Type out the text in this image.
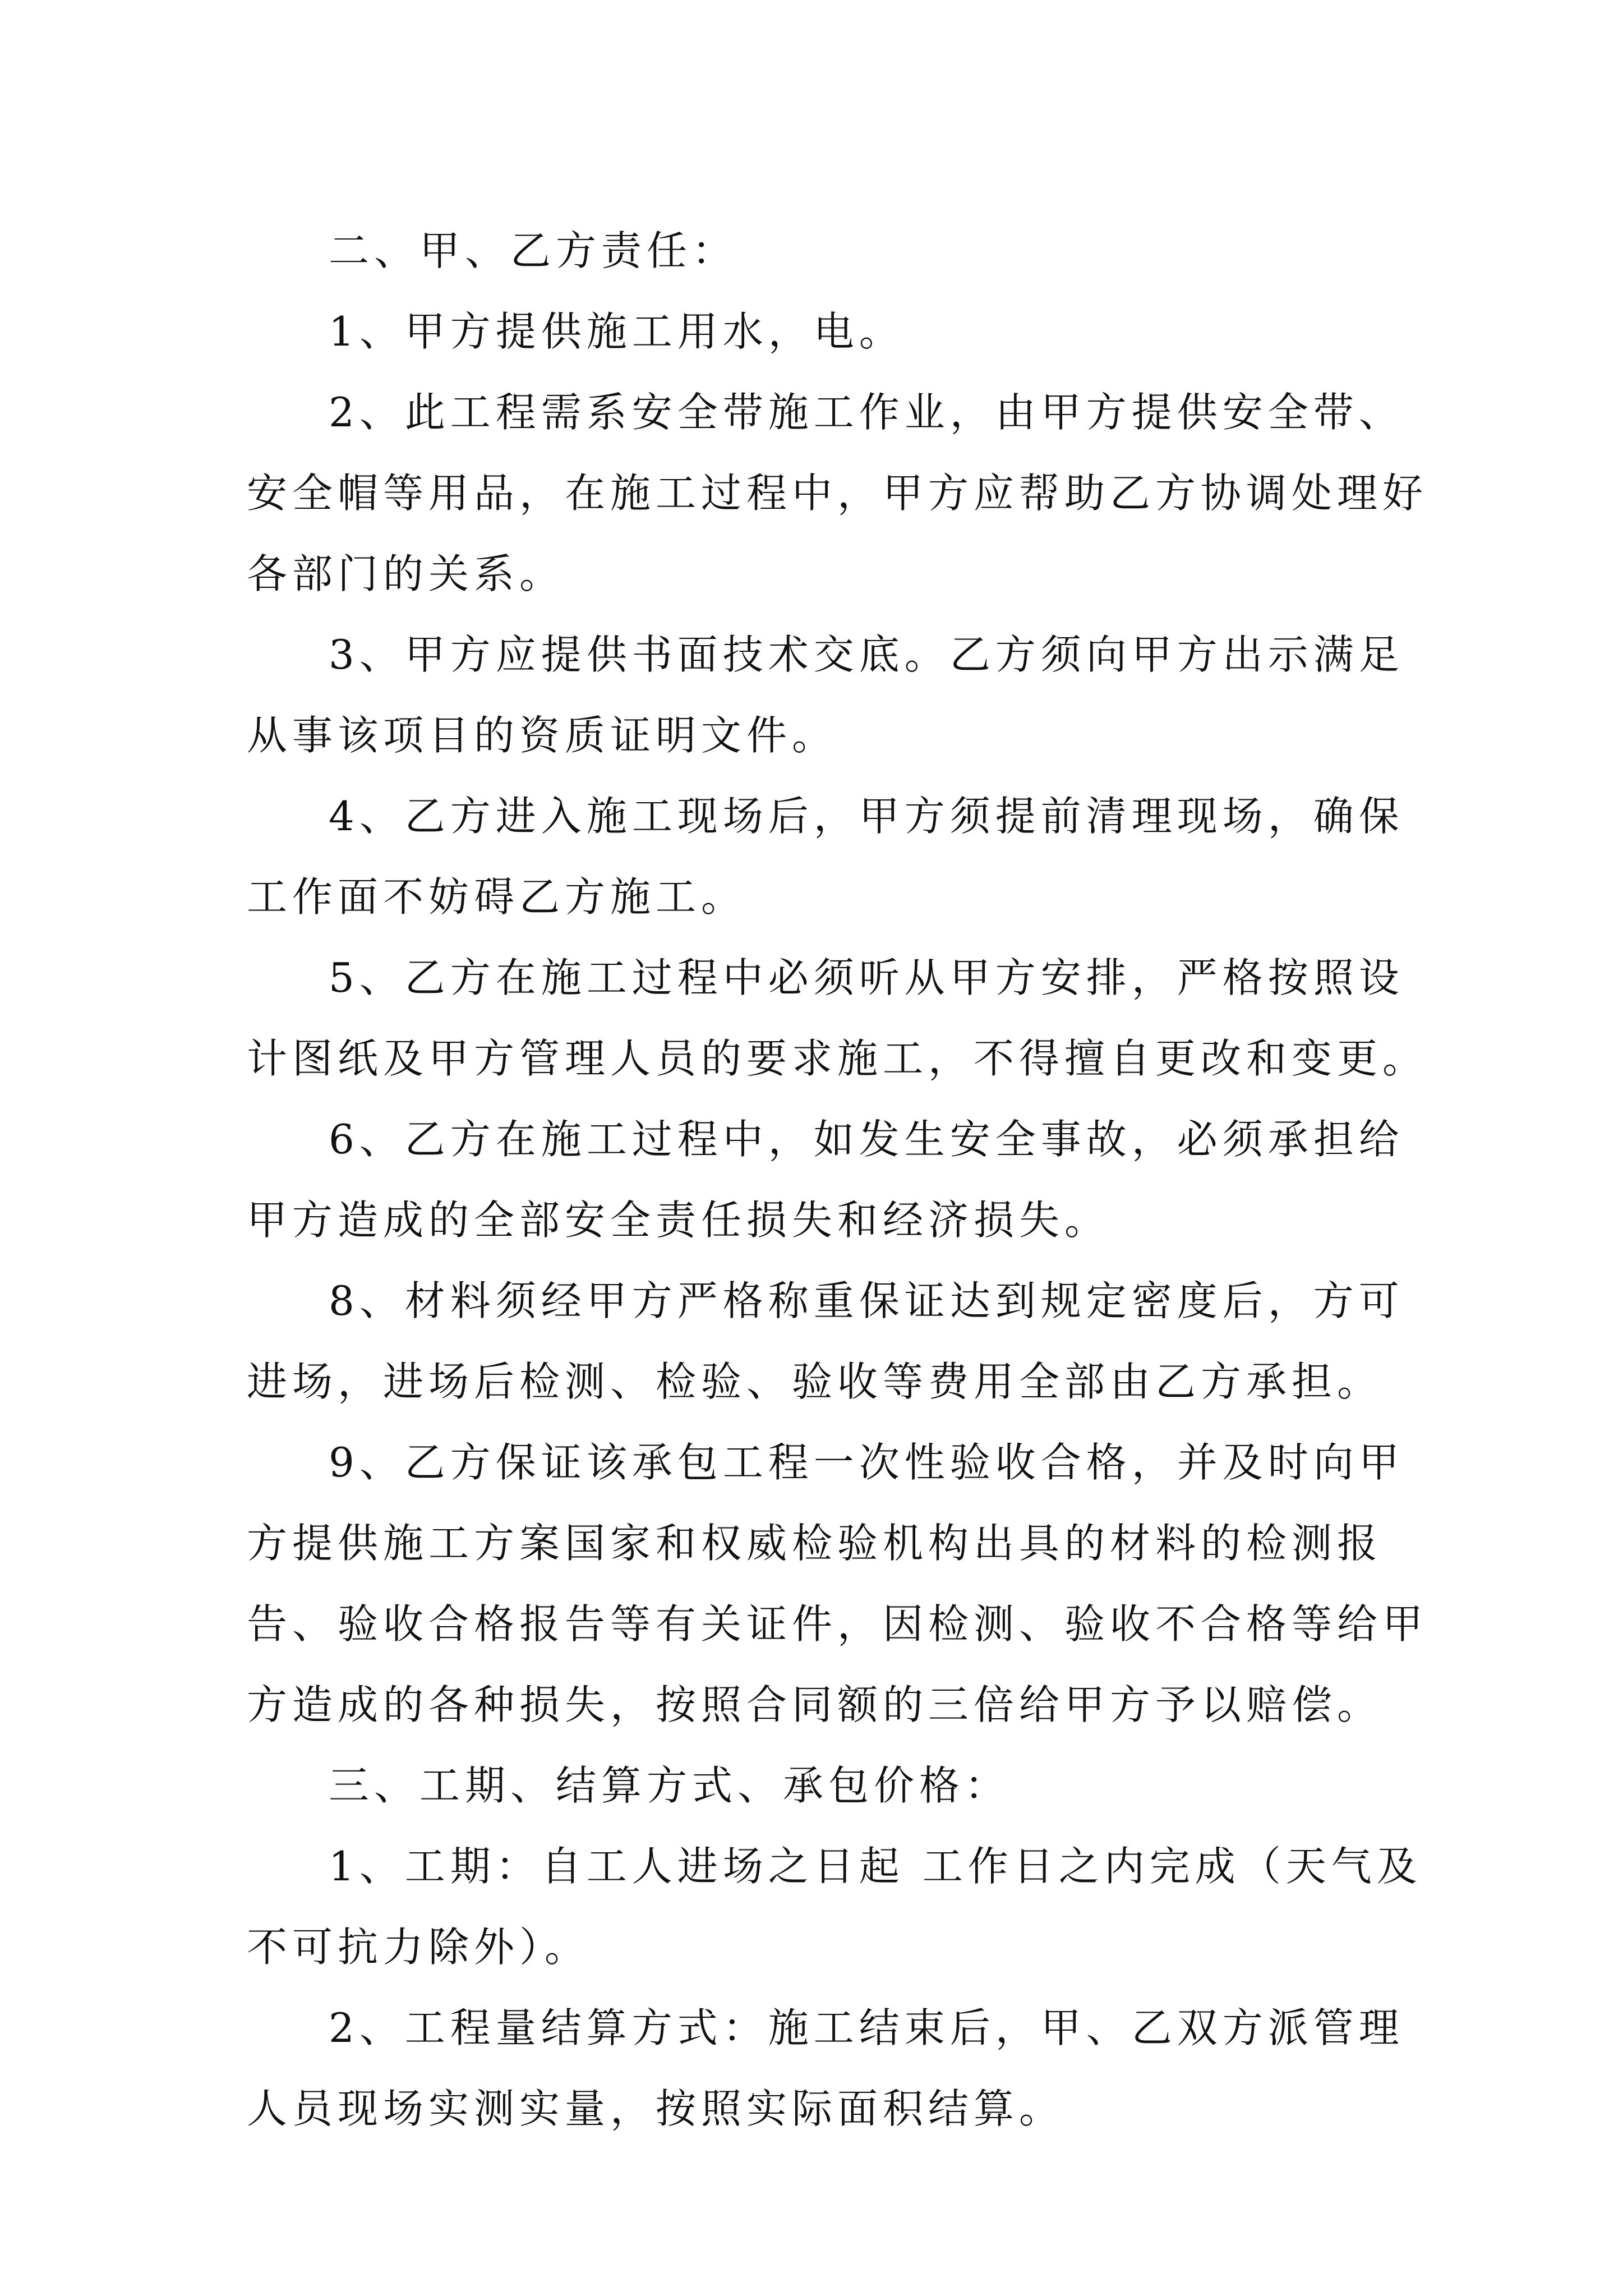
二、甲、乙方责任：

1、甲方提供施工用水，电。

2、此工程需系安全带施工作业，由甲方提供安全带、
安全帽等用品，在施工过程中，甲方应帮助乙方协调处理好
各部门的关系。

3、甲方应提供书面技术交底。乙方须向甲方出示满足
从事该项目的资质证明文件。

4、乙方进入施工现场后，甲方须提前清理现场，确保
工作面不妨碍乙方施工。

5、乙方在施工过程中必须听从甲方安排，严格按照设
计图纸及甲方管理人员的要求施工，不得擅自更改和变更。

6、乙方在施工过程中，如发生安全事故，必须承担给
甲方造成的全部安全责任损失和经济损失。

8、材料须经甲方严格称重保证达到规定密度后，方可
进场，进场后检测、检验、验收等费用全部由乙方承担。

9、乙方保证该承包工程一次性验收合格，并及时向甲
方提供施工方案国家和权威检验机构出具的材料的检测报
告、验收合格报告等有关证件，因检测、验收不合格等给甲
方造成的各种损失，按照合同额的三倍给甲方予以赔偿。

三、工期、结算方式、承包价格：

1、工期：自工人进场之日起 工作日之内完成（天气及
不可抗力除外）。

2、工程量结算方式：施工结束后，甲、乙双方派管理
人员现场实测实量，按照实际面积结算。
